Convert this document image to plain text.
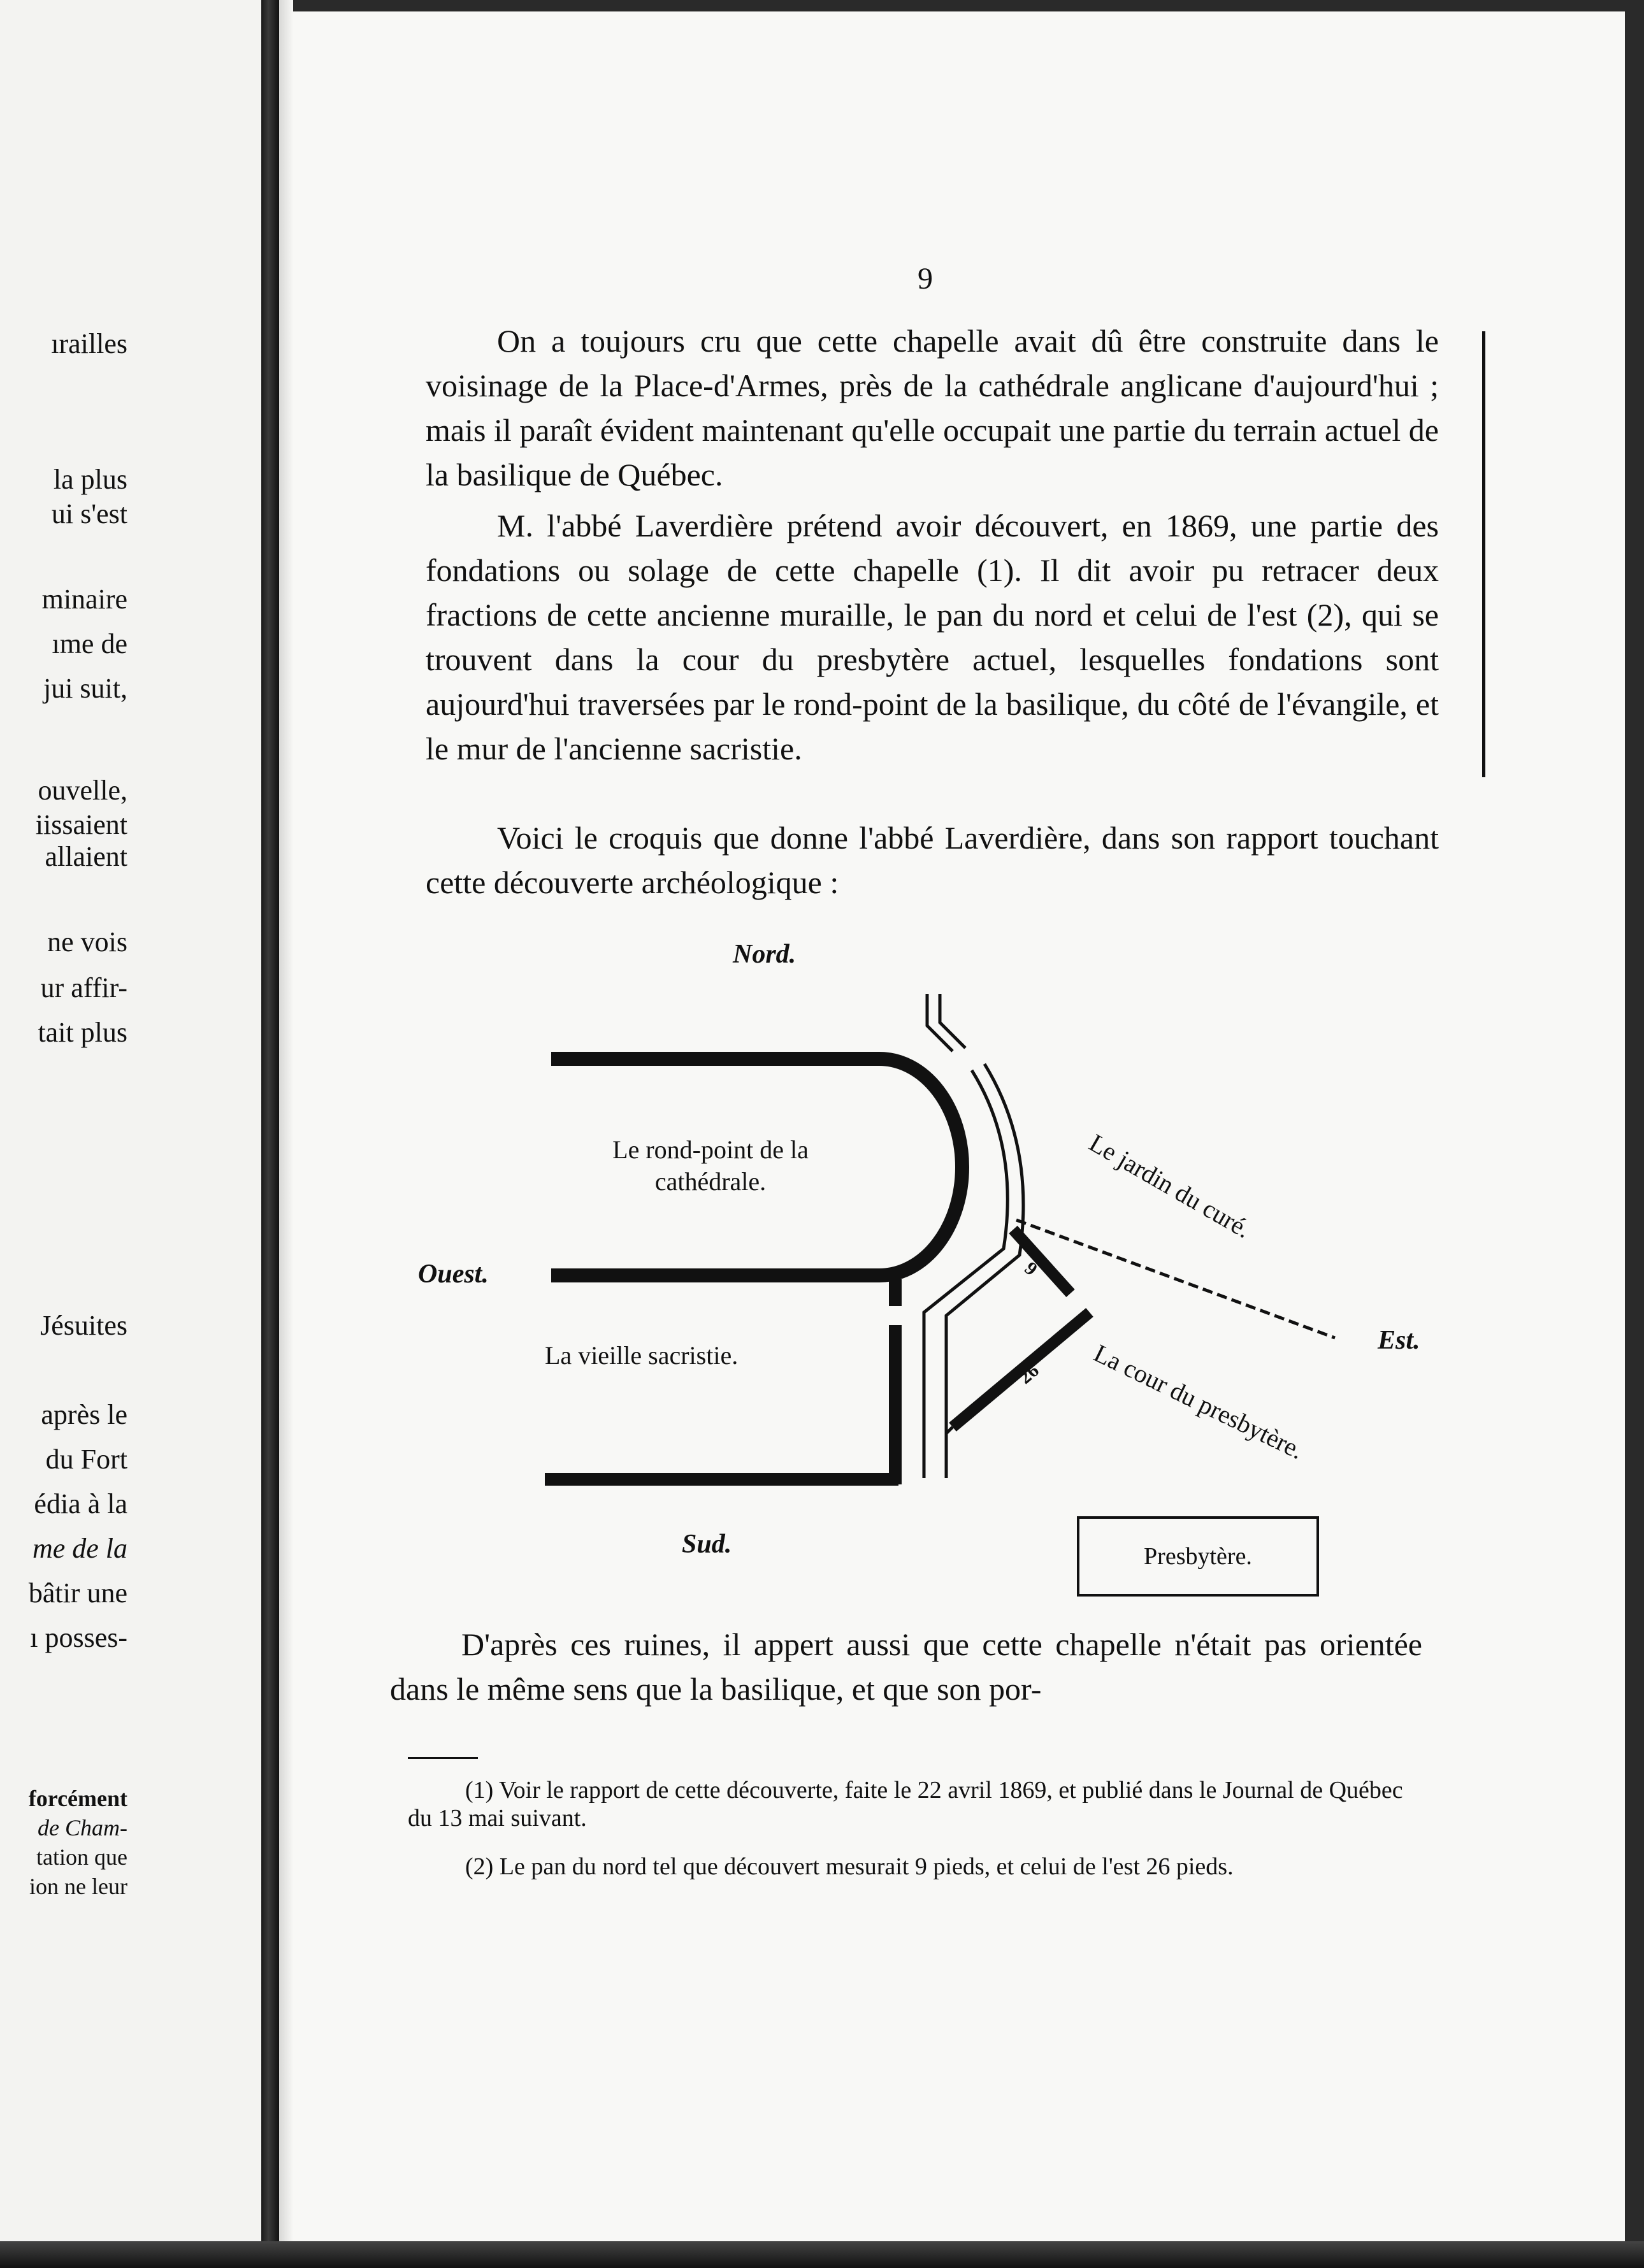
ırailles
la plus
ui s'est
minaire
ıme de
jui suit,
ouvelle,
iissaient
allaient
ne vois
ur affir-
tait plus
Jésuites
après le
du Fort
édia à la
me de la
bâtir une
ı posses-
forcément
de Cham-
tation que
ion ne leur
9

On a toujours cru que cette chapelle avait dû être construite dans le voisinage de la Place-d'Armes, près de la cathédrale anglicane d'aujourd'hui ; mais il paraît évident maintenant qu'elle occupait une partie du terrain actuel de la basilique de Québec.

M. l'abbé Laverdière prétend avoir découvert, en 1869, une partie des fondations ou solage de cette chapelle (1). Il dit avoir pu retracer deux fractions de cette ancienne muraille, le pan du nord et celui de l'est (2), qui se trouvent dans la cour du presbytère actuel, lesquelles fondations sont aujourd'hui traversées par le rond-point de la basilique, du côté de l'évangile, et le mur de l'ancienne sacristie.

Voici le croquis que donne l'abbé Laverdière, dans son rapport touchant cette découverte archéologique :

Nord.
Ouest.
Est.
Sud.
Le rond-point de la
cathédrale.
La vieille sacristie.
Le jardin du curé.
La cour du presbytère.
9
26
Presbytère.

D'après ces ruines, il appert aussi que cette chapelle n'était pas orientée dans le même sens que la basilique, et que son por-

(1) Voir le rapport de cette découverte, faite le 22 avril 1869, et publié dans le Journal de Québec du 13 mai suivant.

(2) Le pan du nord tel que découvert mesurait 9 pieds, et celui de l'est 26 pieds.
